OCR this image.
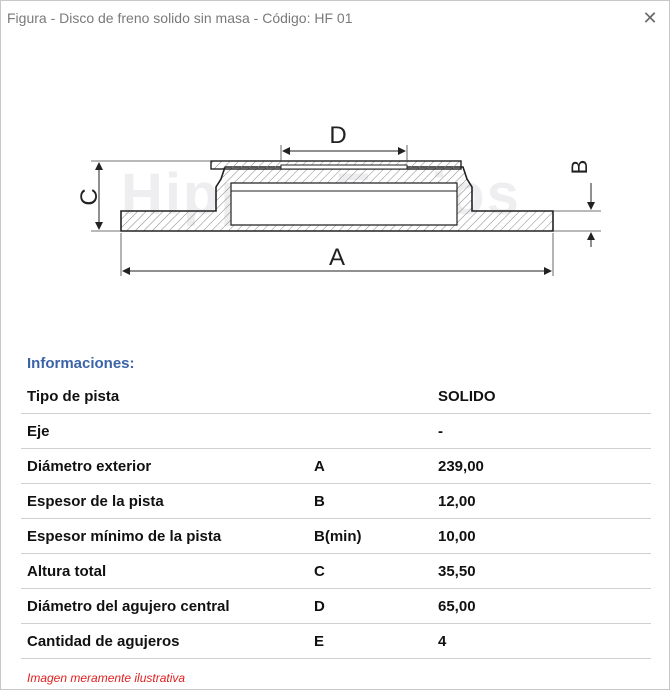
Figura - Disco de freno solido sin masa - Código: HF 01	✕
C
A
D
B
Informaciones:
Tipo de pista		SOLIDO
Eje		-
Diámetro exterior	A	239,00
Espesor de la pista	B	12,00
Espesor mínimo de la pista	B(min)	10,00
Altura total	C	35,50
Diámetro del agujero central	D	65,00
Cantidad de agujeros	E	4
Imagen meramente ilustrativa
